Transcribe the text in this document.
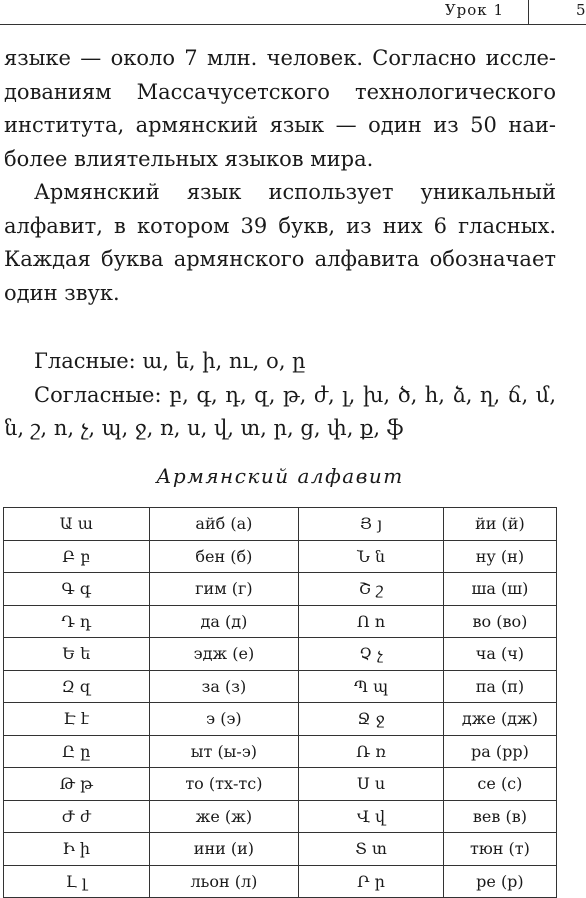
Урок 1	5
языке — около 7 млн. человек. Согласно иссле-
дованиям Массачусетского технологического
института, армянский язык — один из 50 наи-
более влиятельных языков мира.
Армянский язык использует уникальный
алфавит, в котором 39 букв, из них 6 гласных.
Каждая буква армянского алфавита обозначает
один звук.
Гласные: ա, ե, ի, ու, օ, ը
Согласные: բ, գ, դ, զ, թ, ժ, լ, խ, ծ, հ, ձ, ղ, ճ, մ,
ն, շ, ո, չ, պ, ջ, ռ, ս, վ, տ, ր, ց, փ, ք, ֆ
Армянский алфавит
Ա ա	айб (а)	Յ յ	йи (й)
Բ բ	бен (б)	Ն ն	ну (н)
Գ գ	гим (г)	Շ շ	ша (ш)
Դ դ	да (д)	Ո ո	во (во)
Ե ե	эдж (е)	Չ չ	ча (ч)
Զ զ	за (з)	Պ պ	па (п)
Է է	э (э)	Ջ ջ	дже (дж)
Ը ը	ыт (ы-э)	Ռ ռ	ра (рр)
Թ թ	то (тх-тс)	Ս ս	се (с)
Ժ ժ	же (ж)	Վ վ	вев (в)
Ի ի	ини (и)	Տ տ	тюн (т)
Լ լ	льон (л)	Ր ր	ре (р)
